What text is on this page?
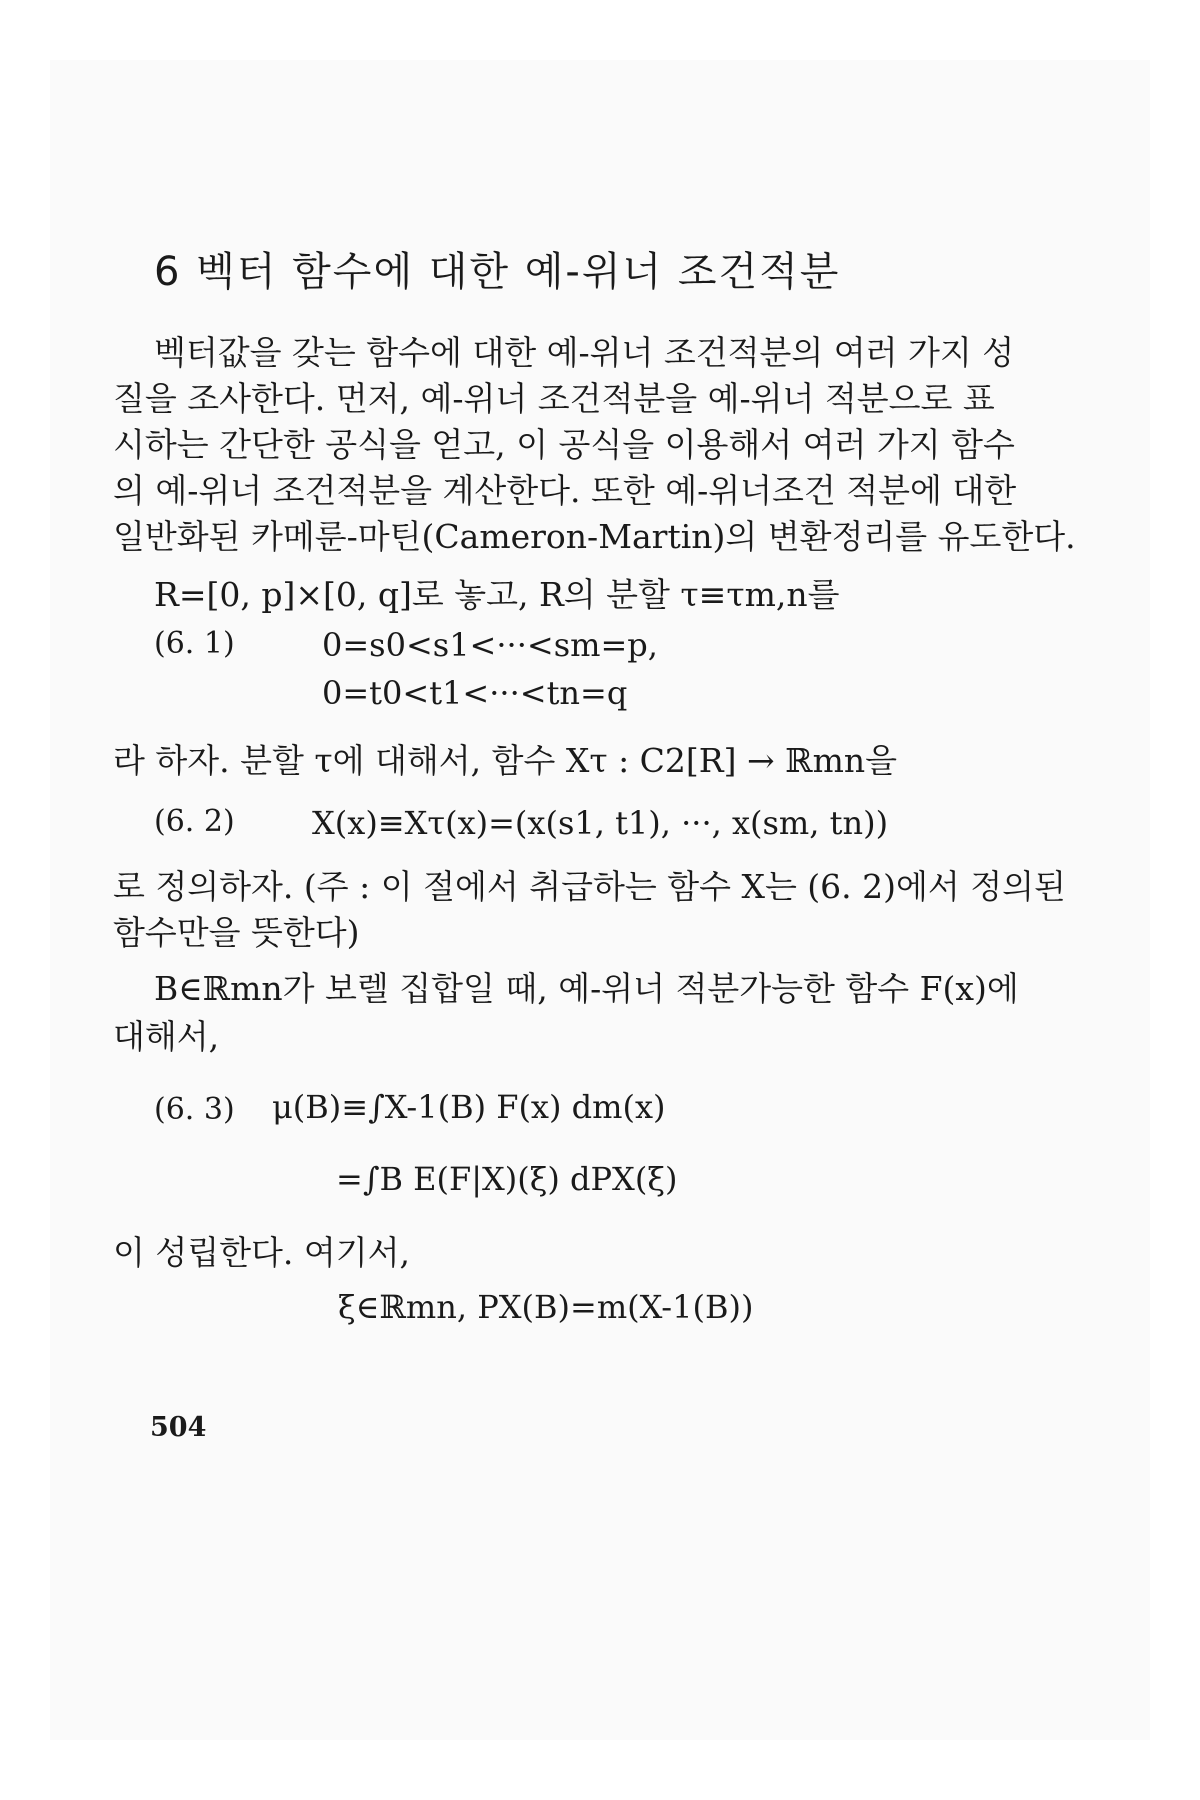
6 벡터 함수에 대한 예-위너 조건적분
벡터값을 갖는 함수에 대한 예-위너 조건적분의 여러 가지 성
질을 조사한다. 먼저, 예-위너 조건적분을 예-위너 적분으로 표
시하는 간단한 공식을 얻고, 이 공식을 이용해서 여러 가지 함수
의 예-위너 조건적분을 계산한다. 또한 예-위너조건 적분에 대한
일반화된 카메룬-마틴(Cameron-Martin)의 변환정리를 유도한다.
R=[0, p]×[0, q]로 놓고, R의 분할 τ≡τm,n를
(6. 1)	0=s0<s1<···<sm=p,
0=t0<t1<···<tn=q
라 하자. 분할 τ에 대해서, 함수 Xτ : C2[R] → ℝmn을
(6. 2) X(x)≡Xτ(x)=(x(s1, t1), ···, x(sm, tn))
로 정의하자. (주 : 이 절에서 취급하는 함수 X는 (6. 2)에서 정의된
함수만을 뜻한다)
B∈ℝmn가 보렐 집합일 때, 예-위너 적분가능한 함수 F(x)에
대해서,
(6. 3) μ(B)≡∫X-1(B) F(x) dm(x)
=∫B E(F|X)(ξ) dPX(ξ)
이 성립한다. 여기서,
ξ∈ℝmn, PX(B)=m(X-1(B))
504
